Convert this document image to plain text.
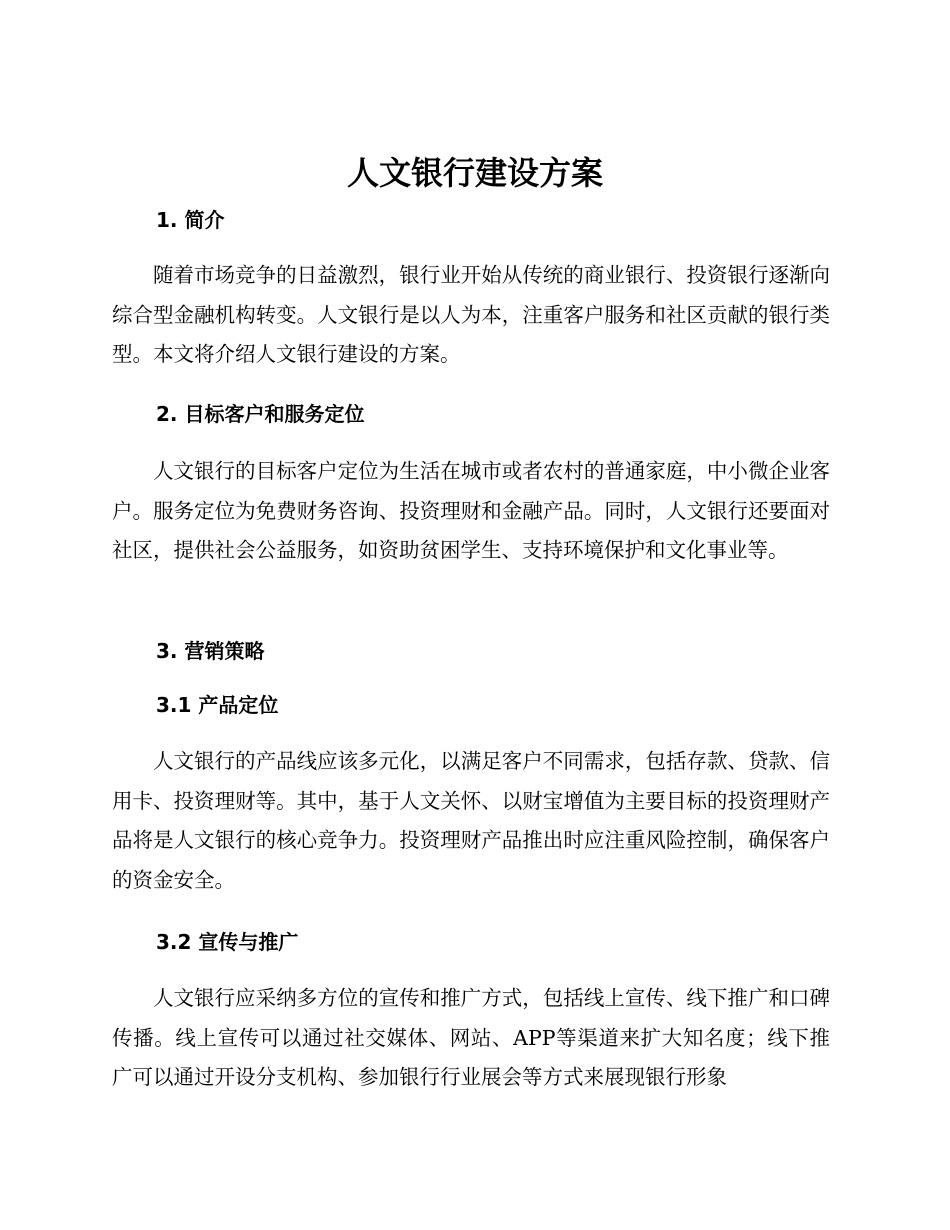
人文银行建设方案
1. 简介

随着市场竞争的日益激烈，银行业开始从传统的商业银行、投资银行逐渐向综合型金融机构转变。人文银行是以人为本，注重客户服务和社区贡献的银行类型。本文将介绍人文银行建设的方案。

2. 目标客户和服务定位

人文银行的目标客户定位为生活在城市或者农村的普通家庭，中小微企业客户。服务定位为免费财务咨询、投资理财和金融产品。同时，人文银行还要面对社区，提供社会公益服务，如资助贫困学生、支持环境保护和文化事业等。

3. 营销策略
3.1 产品定位

人文银行的产品线应该多元化，以满足客户不同需求，包括存款、贷款、信用卡、投资理财等。其中，基于人文关怀、以财宝增值为主要目标的投资理财产品将是人文银行的核心竞争力。投资理财产品推出时应注重风险控制，确保客户的资金安全。

3.2 宣传与推广

人文银行应采纳多方位的宣传和推广方式，包括线上宣传、线下推广和口碑传播。线上宣传可以通过社交媒体、网站、APP等渠道来扩大知名度；线下推广可以通过开设分支机构、参加银行行业展会等方式来展现银行形象
